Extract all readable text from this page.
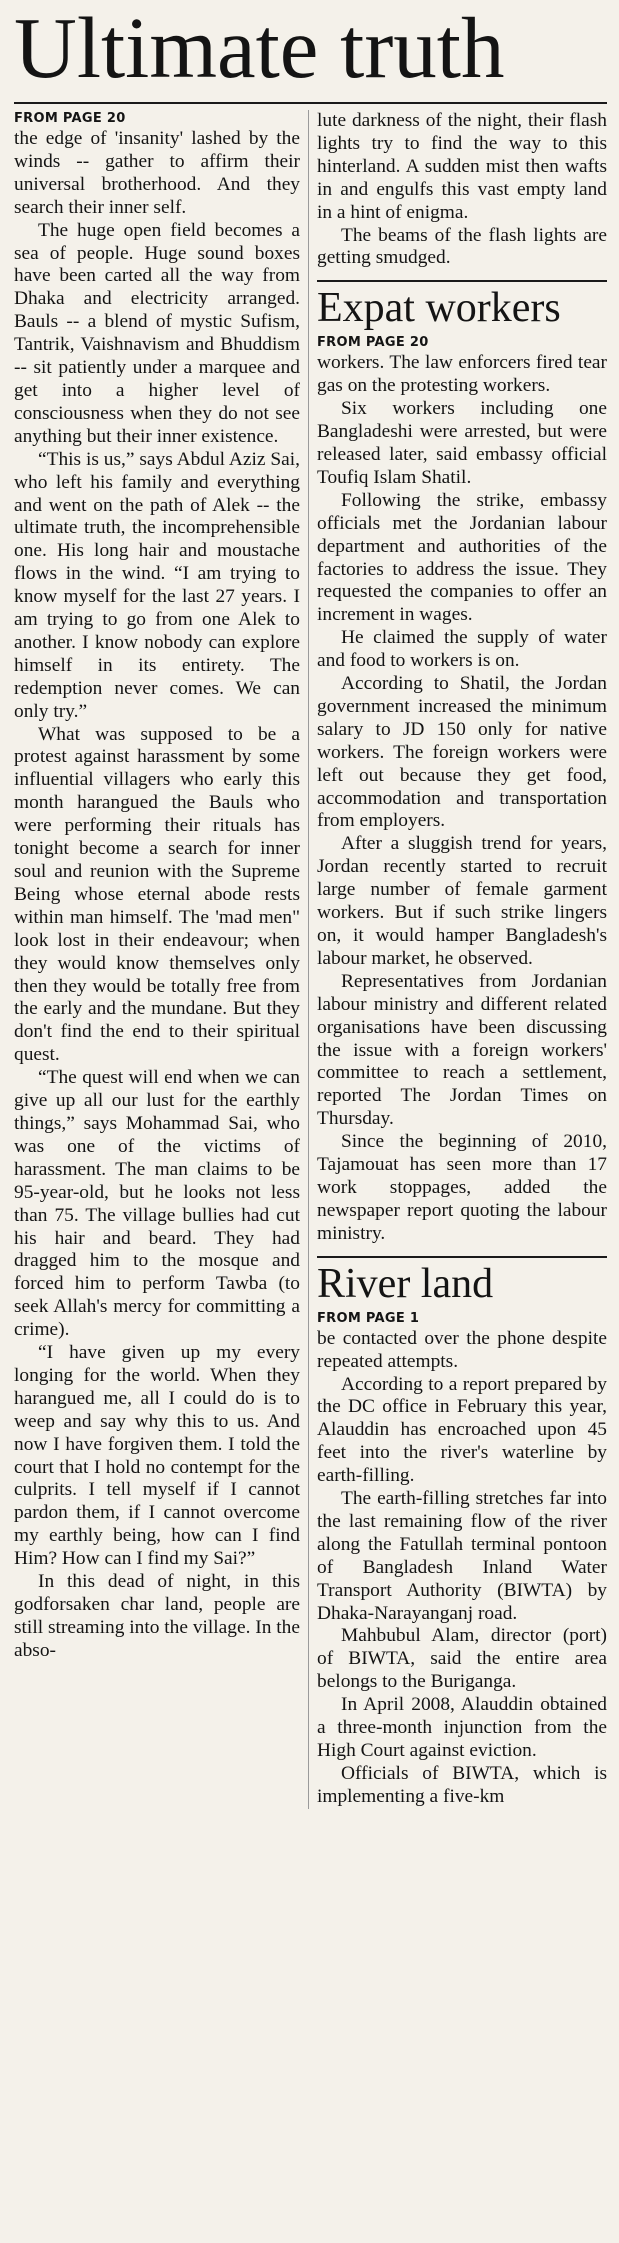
Ultimate truth

FROM PAGE 20

the edge of 'insanity' lashed by the winds -- gather to affirm their universal brotherhood. And they search their inner self.

The huge open field becomes a sea of people. Huge sound boxes have been carted all the way from Dhaka and electricity arranged. Bauls -- a blend of mystic Sufism, Tantrik, Vaishnavism and Bhuddism -- sit patiently under a marquee and get into a higher level of consciousness when they do not see anything but their inner existence.

“This is us,” says Abdul Aziz Sai, who left his family and everything and went on the path of Alek -- the ultimate truth, the incomprehensible one. His long hair and moustache flows in the wind. “I am trying to know myself for the last 27 years. I am trying to go from one Alek to another. I know nobody can explore himself in its entirety. The redemption never comes. We can only try.”

What was supposed to be a protest against harassment by some influential villagers who early this month harangued the Bauls who were performing their rituals has tonight become a search for inner soul and reunion with the Supreme Being whose eternal abode rests within man himself. The 'mad men" look lost in their endeavour; when they would know themselves only then they would be totally free from the early and the mundane. But they don't find the end to their spiritual quest.

“The quest will end when we can give up all our lust for the earthly things,” says Mohammad Sai, who was one of the victims of harassment. The man claims to be 95-year-old, but he looks not less than 75. The village bullies had cut his hair and beard. They had dragged him to the mosque and forced him to perform Tawba (to seek Allah's mercy for committing a crime).

“I have given up my every longing for the world. When they harangued me, all I could do is to weep and say why this to us. And now I have forgiven them. I told the court that I hold no contempt for the culprits. I tell myself if I cannot pardon them, if I cannot overcome my earthly being, how can I find Him? How can I find my Sai?”

In this dead of night, in this godforsaken char land, people are still streaming into the village. In the abso-

lute darkness of the night, their flash lights try to find the way to this hinterland. A sudden mist then wafts in and engulfs this vast empty land in a hint of enigma.

The beams of the flash lights are getting smudged.

Expat workers

FROM PAGE 20

workers. The law enforcers fired tear gas on the protesting workers.

Six workers including one Bangladeshi were arrested, but were released later, said embassy official Toufiq Islam Shatil.

Following the strike, embassy officials met the Jordanian labour department and authorities of the factories to address the issue. They requested the companies to offer an increment in wages.

He claimed the supply of water and food to workers is on.

According to Shatil, the Jordan government increased the minimum salary to JD 150 only for native workers. The foreign workers were left out because they get food, accommodation and transportation from employers.

After a sluggish trend for years, Jordan recently started to recruit large number of female garment workers. But if such strike lingers on, it would hamper Bangladesh's labour market, he observed.

Representatives from Jordanian labour ministry and different related organisations have been discussing the issue with a foreign workers' committee to reach a settlement, reported The Jordan Times on Thursday.

Since the beginning of 2010, Tajamouat has seen more than 17 work stoppages, added the newspaper report quoting the labour ministry.

River land

FROM PAGE 1

be contacted over the phone despite repeated attempts.

According to a report prepared by the DC office in February this year, Alauddin has encroached upon 45 feet into the river's waterline by earth-filling.

The earth-filling stretches far into the last remaining flow of the river along the Fatullah terminal pontoon of Bangladesh Inland Water Transport Authority (BIWTA) by Dhaka-Narayanganj road.

Mahbubul Alam, director (port) of BIWTA, said the entire area belongs to the Buriganga.

In April 2008, Alauddin obtained a three-month injunction from the High Court against eviction.

Officials of BIWTA, which is implementing a five-km
